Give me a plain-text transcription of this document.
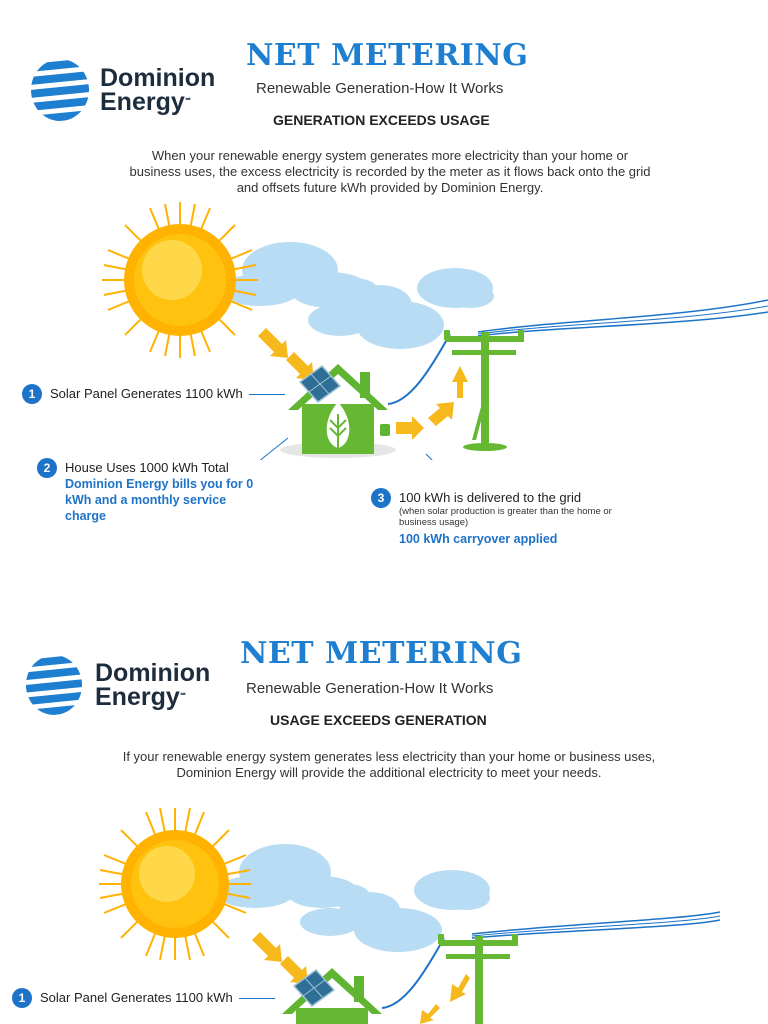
Dominion
Energy℠
NET METERING
Renewable Generation-How It Works
GENERATION EXCEEDS USAGE
When your renewable energy system generates more electricity than your home or business uses, the excess electricity is recorded by the meter as it flows back onto the grid and offsets future kWh provided by Dominion Energy.
1	Solar Panel Generates 1100 kWh
2	House Uses 1000 kWh Total
Dominion Energy bills you for 0 kWh and a monthly service charge
3	100 kWh is delivered to the grid
(when solar production is greater than the home or business usage)
100 kWh carryover applied
Dominion
Energy℠
NET METERING
Renewable Generation-How It Works
USAGE EXCEEDS GENERATION
If your renewable energy system generates less electricity than your home or business uses, Dominion Energy will provide the additional electricity to meet your needs.
1	Solar Panel Generates 1100 kWh
